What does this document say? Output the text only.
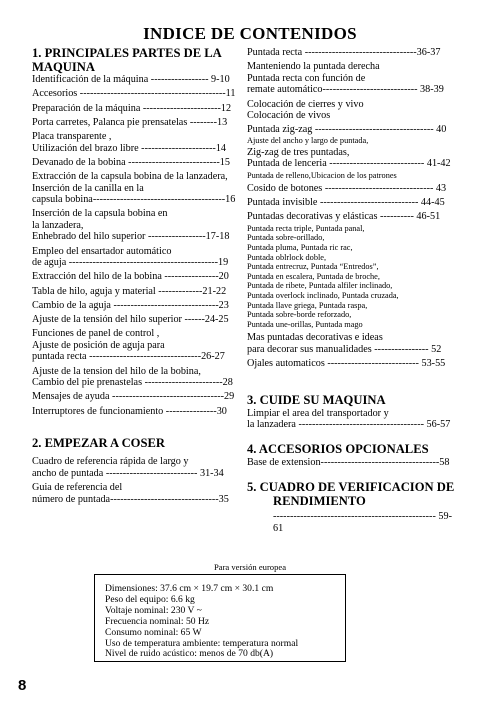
INDICE DE CONTENIDOS
1. PRINCIPALES PARTES DE LA
MAQUINA
Identificación de la máquina ----------------- 9-10
Accesorios -------------------------------------------11
Preparación de la máquina -----------------------12
Porta carretes, Palanca pie prensatelas --------13
Placa transparente ,
Utilización del brazo libre ----------------------14
Devanado de la bobina ---------------------------15
Extracción de la capsula bobina de la lanzadera,
Inserción de la canilla en la
capsula bobina---------------------------------------16
Inserción de la capsula bobina en
la lanzadera,
Enhebrado del hilo superior -----------------17-18
Empleo del ensartador automático
de aguja --------------------------------------------19
Extracción del hilo de la bobina ----------------20
Tabla de hilo, aguja y material -------------21-22
Cambio de la aguja -------------------------------23
Ajuste de la tensión del hilo superior ------24-25
Funciones de panel de control ,
Ajuste de posición de aguja para
puntada recta ---------------------------------26-27
Ajuste de la tension del hilo de la bobina,
Cambio del pie prenastelas -----------------------28
Mensajes de ayuda ---------------------------------29
Interruptores de funcionamiento ---------------30
2. EMPEZAR A COSER
Cuadro de referencia rápida de largo y
ancho de puntada --------------------------- 31-34
Guia de referencia del
número de puntada--------------------------------35
Puntada recta ---------------------------------36-37
Manteniendo la puntada derecha
Puntada recta con función de
remate automático---------------------------- 38-39
Colocación de cierres y vivo
Colocación de vivos
Puntada zig-zag ----------------------------------- 40
Ajuste del ancho y largo de puntada,
Zig-zag de tres puntadas,
Puntada de lenceria ---------------------------- 41-42
Puntada de relleno,Ubicacion de los patrones
Cosido de botones -------------------------------- 43
Puntada invisible ----------------------------- 44-45
Puntadas decorativas y elásticas ---------- 46-51
Puntada recta triple, Puntada panal,
Puntada sobre-orillado,
Puntada pluma, Puntada ric rac,
Puntada oblrlock doble,
Puntada entrecruz, Puntada “Entredos”,
Puntada en escalera, Puntada de broche,
Puntada de ribete, Puntada alfiler inclinado,
Puntada overlock inclinado, Puntada cruzada,
Puntada llave griega, Puntada raspa,
Puntada sobre-borde reforzado,
Puntada une-orillas, Puntada mago
Mas puntadas decorativas e ideas
para decorar sus manualidades ---------------- 52
Ojales automaticos --------------------------- 53-55
3. CUIDE SU MAQUINA
Limpiar el area del transportador y
la lanzadera ------------------------------------- 56-57
4. ACCESORIOS OPCIONALES
Base de extension-----------------------------------58
5. CUADRO DE VERIFICACION DE
RENDIMIENTO
------------------------------------------------ 59-61
Para versión europea
Dimensiones: 37.6 cm × 19.7 cm × 30.1 cm
Peso del equipo: 6.6 kg
Voltaje nominal: 230 V ~
Frecuencia nominal: 50 Hz
Consumo nominal: 65 W
Uso de temperatura ambiente: temperatura normal
Nivel de ruido acústico: menos de 70 db(A)
8
